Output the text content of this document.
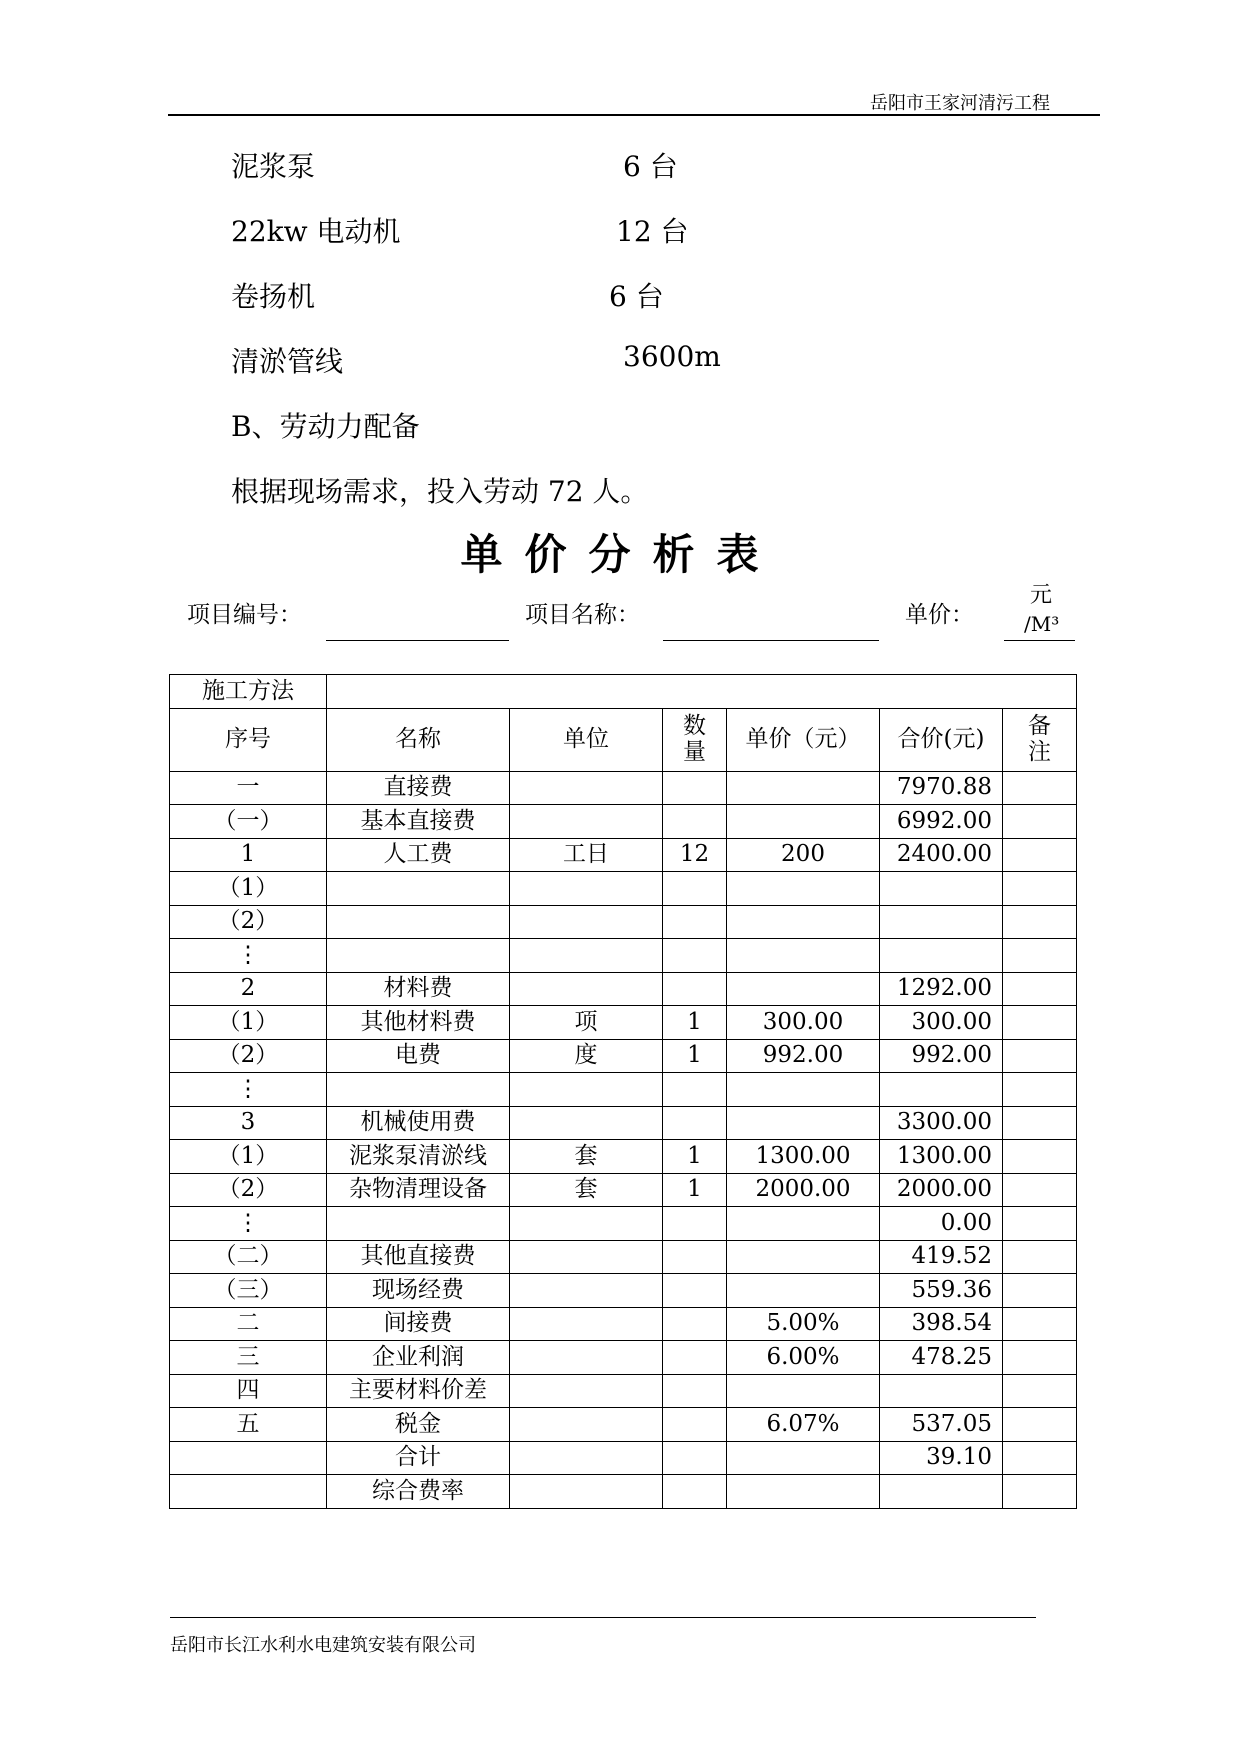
岳阳市王家河清污工程
泥浆泵	6 台
22kw 电动机	12 台
卷扬机	6 台
清淤管线	3600m
B、劳动力配备
根据现场需求，投入劳动 72 人。
单价分析表
项目编号：	项目名称：	单价：
元
/M³
施工方法						
序号	名称	单位	数量	单价（元）	合价(元)	备注
一	直接费				7970.88	
（一）	基本直接费				6992.00	
1	人工费	工日	12	200	2400.00	
（1）						
（2）						
⋮						
2	材料费				1292.00	
（1）	其他材料费	项	1	300.00	300.00	
（2）	电费	度	1	992.00	992.00	
⋮						
3	机械使用费				3300.00	
（1）	泥浆泵清淤线	套	1	1300.00	1300.00	
（2）	杂物清理设备	套	1	2000.00	2000.00	
⋮					0.00	
（二）	其他直接费				419.52	
（三）	现场经费				559.36	
二	间接费			5.00%	398.54	
三	企业利润			6.00%	478.25	
四	主要材料价差					
五	税金			6.07%	537.05	
	合计				39.10	
	综合费率					
岳阳市长江水利水电建筑安装有限公司
